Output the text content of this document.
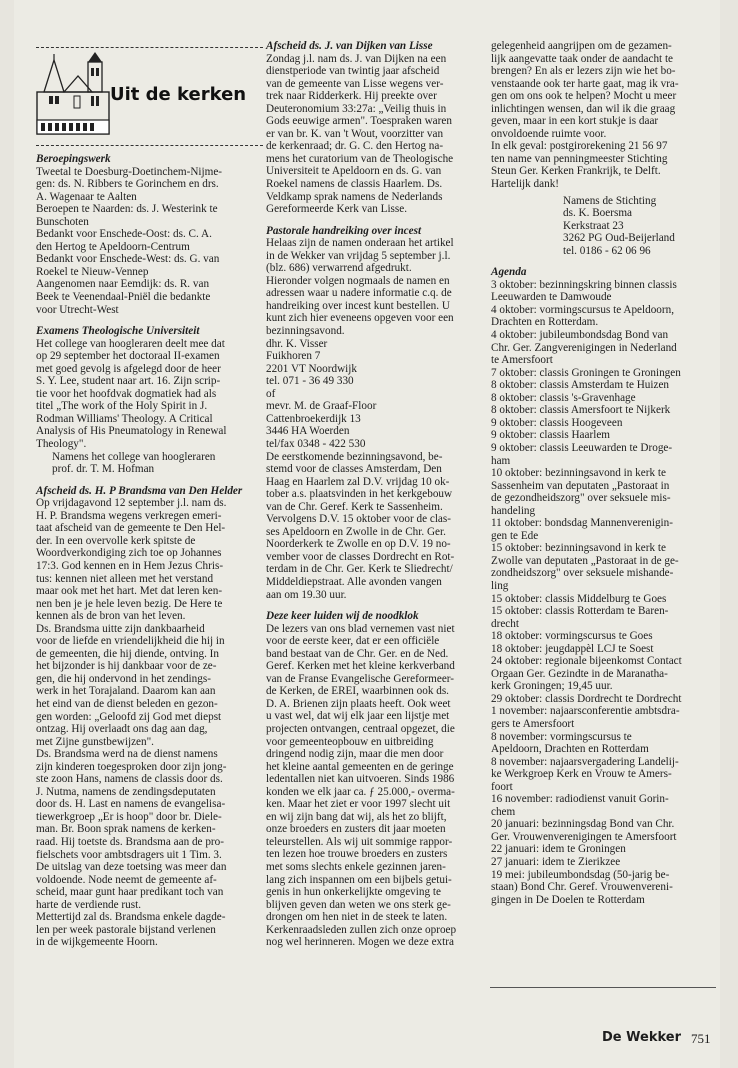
Uit de kerken
Beroepingswerk

Tweetal te Doesburg-Doetinchem-Nijme-

gen: ds. N. Ribbers te Gorinchem en drs.

A. Wagenaar te Aalten

Beroepen te Naarden: ds. J. Westerink te

Bunschoten

Bedankt voor Enschede-Oost: ds. C. A.

den Hertog te Apeldoorn-Centrum

Bedankt voor Enschede-West: ds. G. van

Roekel te Nieuw-Vennep

Aangenomen naar Eemdijk: ds. R. van

Beek te Veenendaal-Pniël die bedankte

voor Utrecht-West

Examens Theologische Universiteit

Het college van hoogleraren deelt mee dat

op 29 september het doctoraal II-examen

met goed gevolg is afgelegd door de heer

S. Y. Lee, student naar art. 16. Zijn scrip-

tie voor het hoofdvak dogmatiek had als

titel „The work of the Holy Spirit in J.

Rodman Williams' Theology. A Critical

Analysis of His Pneumatology in Renewal

Theology".

Namens het college van hoogleraren

prof. dr. T. M. Hofman

Afscheid ds. H. P Brandsma van Den Helder

Op vrijdagavond 12 september j.l. nam ds.

H. P. Brandsma wegens verkregen emeri-

taat afscheid van de gemeente te Den Hel-

der. In een overvolle kerk spitste de

Woordverkondiging zich toe op Johannes

17:3. God kennen en in Hem Jezus Chris-

tus: kennen niet alleen met het verstand

maar ook met het hart. Met dat leren ken-

nen ben je je hele leven bezig. De Here te

kennen als de bron van het leven.

Ds. Brandsma uitte zijn dankbaarheid

voor de liefde en vriendelijkheid die hij in

de gemeenten, die hij diende, ontving. In

het bijzonder is hij dankbaar voor de ze-

gen, die hij ondervond in het zendings-

werk in het Torajaland. Daarom kan aan

het eind van de dienst beleden en gezon-

gen worden: „Geloofd zij God met diepst

ontzag. Hij overlaadt ons dag aan dag,

met Zijne gunstbewijzen".

Ds. Brandsma werd na de dienst namens

zijn kinderen toegesproken door zijn jong-

ste zoon Hans, namens de classis door ds.

J. Nutma, namens de zendingsdeputaten

door ds. H. Last en namens de evangelisa-

tiewerkgroep „Er is hoop" door br. Diele-

man. Br. Boon sprak namens de kerken-

raad. Hij toetste ds. Brandsma aan de pro-

fielschets voor ambtsdragers uit 1 Tim. 3.

De uitslag van deze toetsing was meer dan

voldoende. Node neemt de gemeente af-

scheid, maar gunt haar predikant toch van

harte de verdiende rust.

Mettertijd zal ds. Brandsma enkele dagde-

len per week pastorale bijstand verlenen

in de wijkgemeente Hoorn.

Afscheid ds. J. van Dijken van Lisse

Zondag j.l. nam ds. J. van Dijken na een

dienstperiode van twintig jaar afscheid

van de gemeente van Lisse wegens ver-

trek naar Ridderkerk. Hij preekte over

Deuteronomium 33:27a: „Veilig thuis in

Gods eeuwige armen". Toespraken waren

er van br. K. van 't Wout, voorzitter van

de kerkenraad; dr. G. C. den Hertog na-

mens het curatorium van de Theologische

Universiteit te Apeldoorn en ds. G. van

Roekel namens de classis Haarlem. Ds.

Veldkamp sprak namens de Nederlands

Gereformeerde Kerk van Lisse.

Pastorale handreiking over incest

Helaas zijn de namen onderaan het artikel

in de Wekker van vrijdag 5 september j.l.

(blz. 686) verwarrend afgedrukt.

Hieronder volgen nogmaals de namen en

adressen waar u nadere informatie c.q. de

handreiking over incest kunt bestellen. U

kunt zich hier eveneens opgeven voor een

bezinningsavond.

dhr. K. Visser

Fuikhoren 7

2201 VT Noordwijk

tel. 071 - 36 49 330

of

mevr. M. de Graaf-Floor

Cattenbroekerdijk 13

3446 HA Woerden

tel/fax 0348 - 422 530

De eerstkomende bezinningsavond, be-

stemd voor de classes Amsterdam, Den

Haag en Haarlem zal D.V. vrijdag 10 ok-

tober a.s. plaatsvinden in het kerkgebouw

van de Chr. Geref. Kerk te Sassenheim.

Vervolgens D.V. 15 oktober voor de clas-

ses Apeldoorn en Zwolle in de Chr. Ger.

Noorderkerk te Zwolle en op D.V. 19 no-

vember voor de classes Dordrecht en Rot-

terdam in de Chr. Ger. Kerk te Sliedrecht/

Middeldiepstraat. Alle avonden vangen

aan om 19.30 uur.

Deze keer luiden wij de noodklok

De lezers van ons blad vernemen vast niet

voor de eerste keer, dat er een officiële

band bestaat van de Chr. Ger. en de Ned.

Geref. Kerken met het kleine kerkverband

van de Franse Evangelische Gereformeer-

de Kerken, de EREI, waarbinnen ook ds.

D. A. Brienen zijn plaats heeft. Ook weet

u vast wel, dat wij elk jaar een lijstje met

projecten ontvangen, centraal opgezet, die

voor gemeenteopbouw en uitbreiding

dringend nodig zijn, maar die men door

het kleine aantal gemeenten en de geringe

ledentallen niet kan uitvoeren. Sinds 1986

konden we elk jaar ca. ƒ 25.000,- overma-

ken. Maar het ziet er voor 1997 slecht uit

en wij zijn bang dat wij, als het zo blijft,

onze broeders en zusters dit jaar moeten

teleurstellen. Als wij uit sommige rappor-

ten lezen hoe trouwe broeders en zusters

met soms slechts enkele gezinnen jaren-

lang zich inspannen om een bijbels getui-

genis in hun onkerkelijkte omgeving te

blijven geven dan weten we ons sterk ge-

drongen om hen niet in de steek te laten.

Kerkenraadsleden zullen zich onze oproep

nog wel herinneren. Mogen we deze extra

gelegenheid aangrijpen om de gezamen-

lijk aangevatte taak onder de aandacht te

brengen? En als er lezers zijn wie het bo-

venstaande ook ter harte gaat, mag ik vra-

gen om ons ook te helpen? Mocht u meer

inlichtingen wensen, dan wil ik die graag

geven, maar in een kort stukje is daar

onvoldoende ruimte voor.

In elk geval: postgirorekening 21 56 97

ten name van penningmeester Stichting

Steun Ger. Kerken Frankrijk, te Delft.

Hartelijk dank!

Namens de Stichting

ds. K. Boersma

Kerkstraat 23

3262 PG Oud-Beijerland

tel. 0186 - 62 06 96

Agenda

3 oktober: bezinningskring binnen classis

Leeuwarden te Damwoude

4 oktober: vormingscursus te Apeldoorn,

Drachten en Rotterdam.

4 oktober: jubileumbondsdag Bond van

Chr. Ger. Zangverenigingen in Nederland

te Amersfoort

7 oktober: classis Groningen te Groningen

8 oktober: classis Amsterdam te Huizen

8 oktober: classis 's-Gravenhage

8 oktober: classis Amersfoort te Nijkerk

9 oktober: classis Hoogeveen

9 oktober: classis Haarlem

9 oktober: classis Leeuwarden te Droge-

ham

10 oktober: bezinningsavond in kerk te

Sassenheim van deputaten „Pastoraat in

de gezondheidszorg" over seksuele mis-

handeling

11 oktober: bondsdag Mannenverenigin-

gen te Ede

15 oktober: bezinningsavond in kerk te

Zwolle van deputaten „Pastoraat in de ge-

zondheidszorg" over seksuele mishande-

ling

15 oktober: classis Middelburg te Goes

15 oktober: classis Rotterdam te Baren-

drecht

18 oktober: vormingscursus te Goes

18 oktober: jeugdappèl LCJ te Soest

24 oktober: regionale bijeenkomst Contact

Orgaan Ger. Gezindte in de Maranatha-

kerk Groningen; 19,45 uur.

29 oktober: classis Dordrecht te Dordrecht

1 november: najaarsconferentie ambtsdra-

gers te Amersfoort

8 november: vormingscursus te

Apeldoorn, Drachten en Rotterdam

8 november: najaarsvergadering Landelij-

ke Werkgroep Kerk en Vrouw te Amers-

foort

16 november: radiodienst vanuit Gorin-

chem

20 januari: bezinningsdag Bond van Chr.

Ger. Vrouwenverenigingen te Amersfoort

22 januari: idem te Groningen

27 januari: idem te Zierikzee

19 mei: jubileumbondsdag (50-jarig be-

staan) Bond Chr. Geref. Vrouwenvereni-

gingen in De Doelen te Rotterdam

De Wekker 751
